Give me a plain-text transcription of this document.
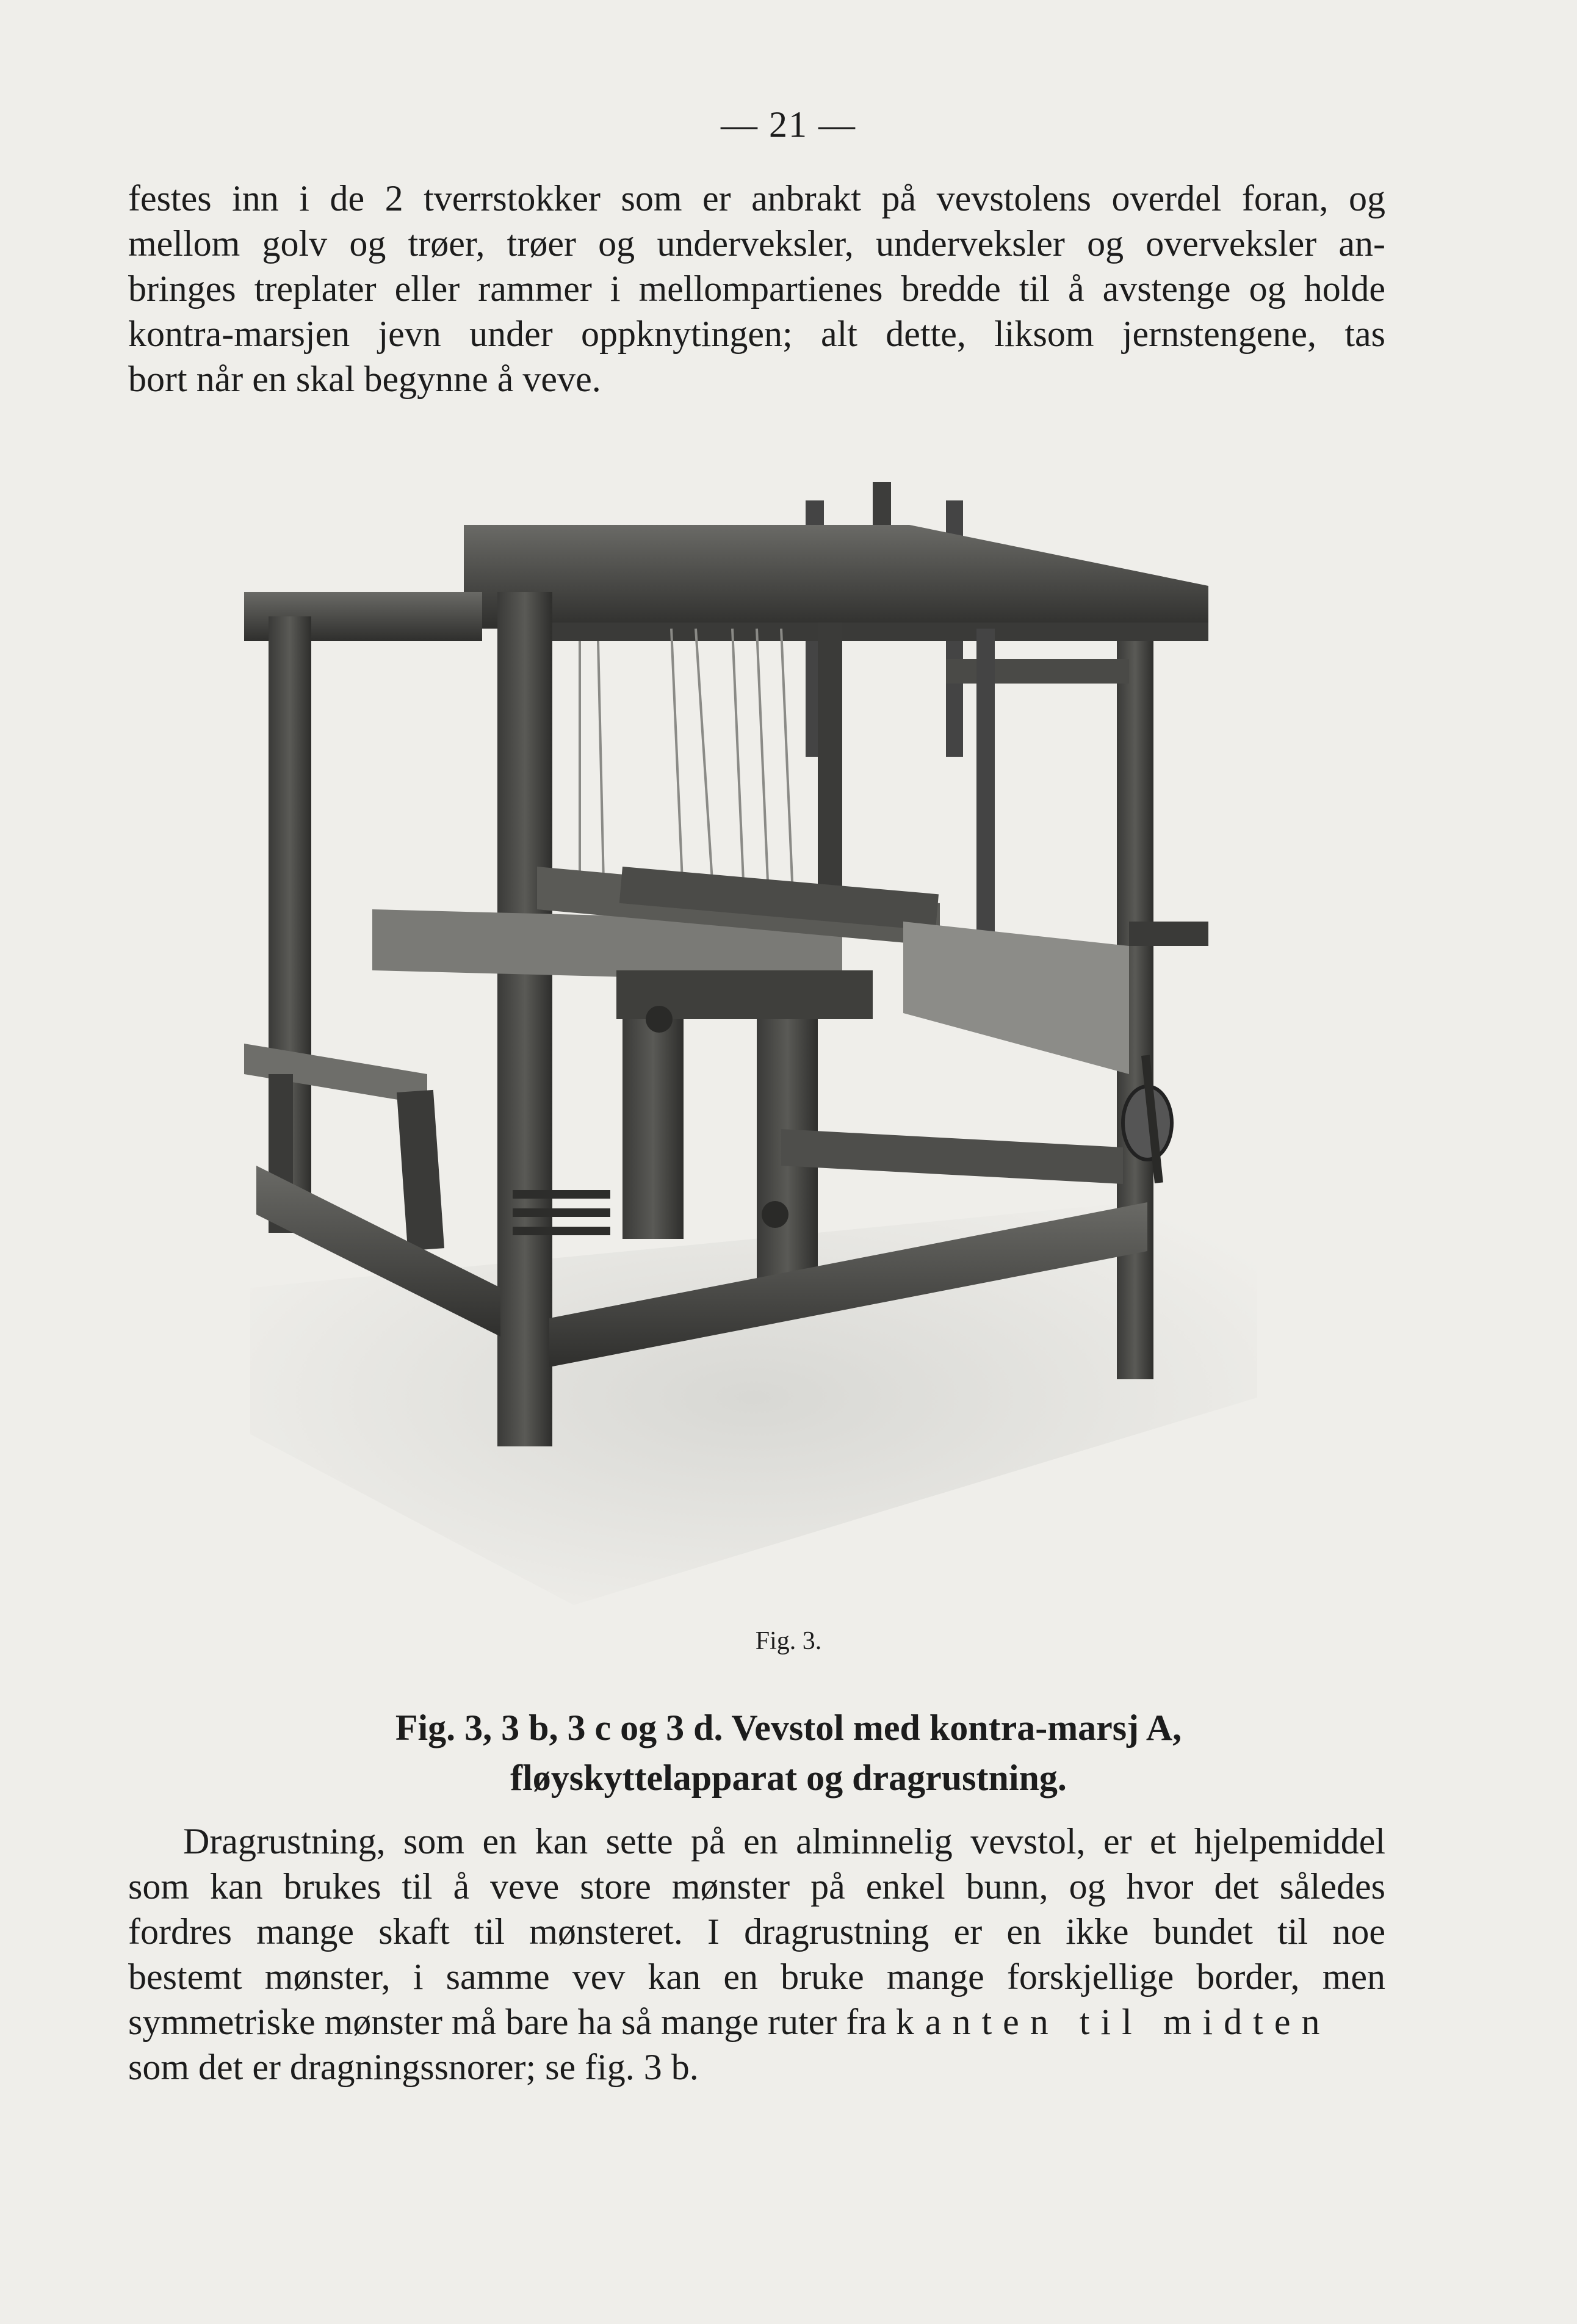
— 21 —
festes inn i de 2 tverrstokker som er anbrakt på vevstolens overdel foran, og
mellom golv og trøer, trøer og underveksler, underveksler og overveksler an-
bringes treplater eller rammer i mellompartienes bredde til å avstenge og holde
kontra-marsjen jevn under oppknytingen; alt dette, liksom jernstengene, tas
bort når en skal begynne å veve.
Fig. 3.
Fig. 3, 3 b, 3 c og 3 d. Vevstol med kontra-marsj A,
fløyskyttelapparat og dragrustning.
Dragrustning, som en kan sette på en alminnelig vevstol, er et hjelpemiddel
som kan brukes til å veve store mønster på enkel bunn, og hvor det således
fordres mange skaft til mønsteret. I dragrustning er en ikke bundet til noe
bestemt mønster, i samme vev kan en bruke mange forskjellige border, men
symmetriske mønster må bare ha så mange ruter fra kanten til midten
som det er dragningssnorer; se fig. 3 b.
